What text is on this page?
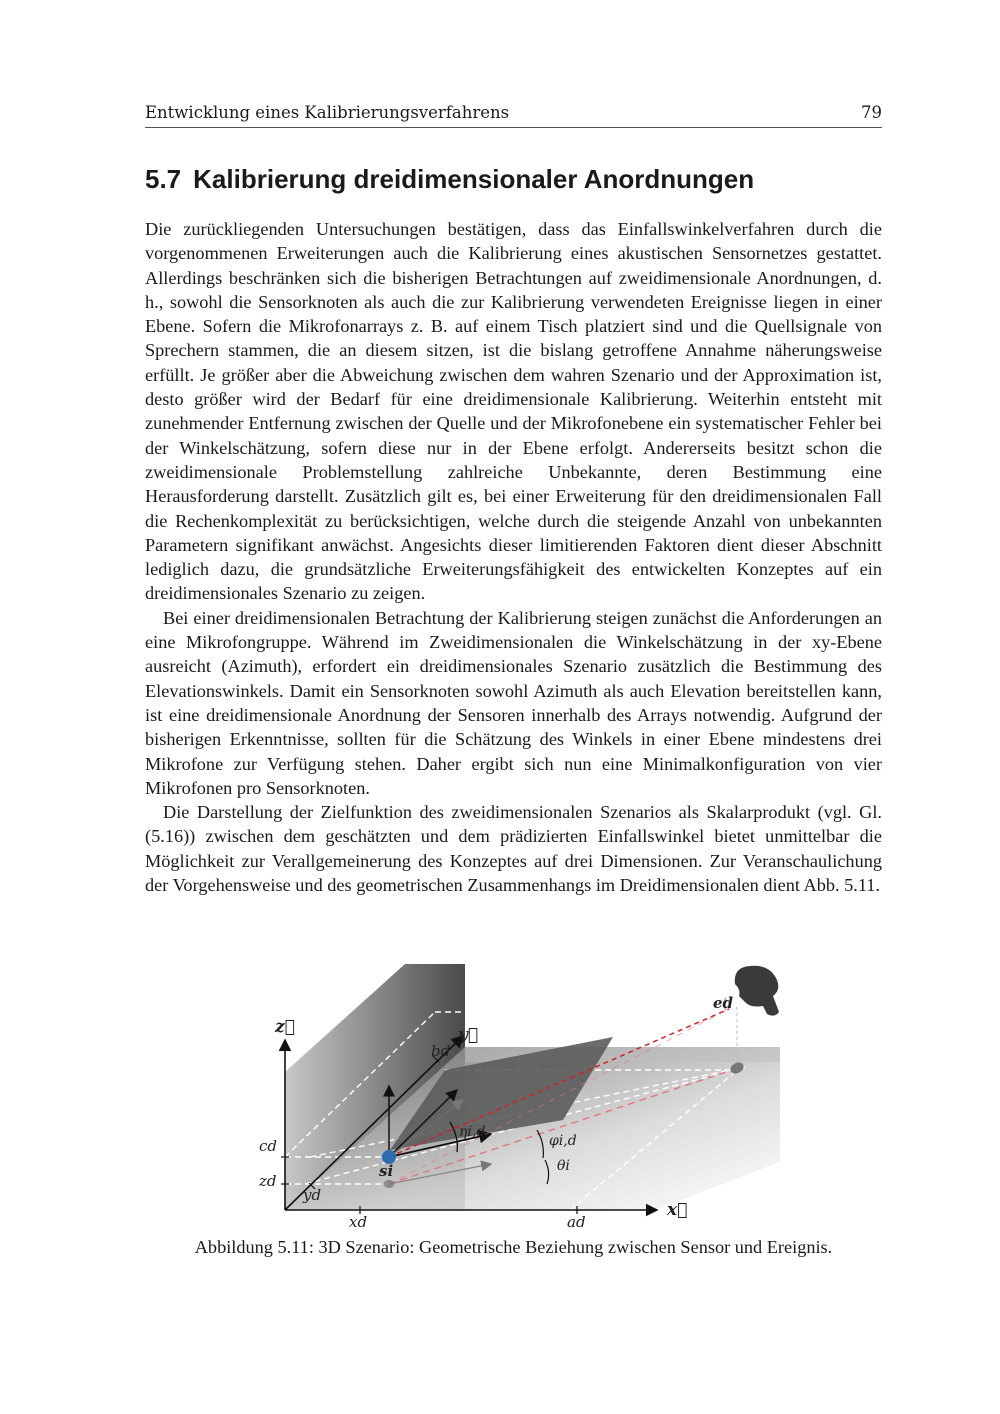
Entwicklung eines Kalibrierungsverfahrens	79
5.7 Kalibrierung dreidimensionaler Anordnungen

Die zurückliegenden Untersuchungen bestätigen, dass das Einfallswinkelverfahren durch die vorgenommenen Erweiterungen auch die Kalibrierung eines akustischen Sensornetzes gestattet. Allerdings beschränken sich die bisherigen Betrachtungen auf zweidimensionale Anordnungen, d. h., sowohl die Sensorknoten als auch die zur Kalibrierung verwendeten Ereignisse liegen in einer Ebene. Sofern die Mikrofonarrays z. B. auf einem Tisch platziert sind und die Quellsignale von Sprechern stammen, die an diesem sitzen, ist die bislang getroffene Annahme näherungsweise erfüllt. Je größer aber die Abweichung zwischen dem wahren Szenario und der Approximation ist, desto größer wird der Bedarf für eine dreidimensionale Kalibrierung. Weiterhin entsteht mit zunehmender Entfernung zwischen der Quelle und der Mikrofonebene ein systematischer Fehler bei der Winkelschätzung, sofern diese nur in der Ebene erfolgt. Andererseits besitzt schon die zweidimensionale Problemstellung zahlreiche Unbekannte, deren Bestimmung eine Herausforderung darstellt. Zusätzlich gilt es, bei einer Erweiterung für den dreidimensionalen Fall die Rechenkomplexität zu berücksichtigen, welche durch die steigende Anzahl von unbekannten Parametern signifikant anwächst. Angesichts dieser limitierenden Faktoren dient dieser Abschnitt lediglich dazu, die grundsätzliche Erweiterungsfähigkeit des entwickelten Konzeptes auf ein dreidimensionales Szenario zu zeigen.

Bei einer dreidimensionalen Betrachtung der Kalibrierung steigen zunächst die Anforderungen an eine Mikrofongruppe. Während im Zweidimensionalen die Winkelschätzung in der xy-Ebene ausreicht (Azimuth), erfordert ein dreidimensionales Szenario zusätzlich die Bestimmung des Elevationswinkels. Damit ein Sensorknoten sowohl Azimuth als auch Elevation bereitstellen kann, ist eine dreidimensionale Anordnung der Sensoren innerhalb des Arrays notwendig. Aufgrund der bisherigen Erkenntnisse, sollten für die Schätzung des Winkels in einer Ebene mindestens drei Mikrofone zur Verfügung stehen. Daher ergibt sich nun eine Minimalkonfiguration von vier Mikrofonen pro Sensorknoten.

Die Darstellung der Zielfunktion des zweidimensionalen Szenarios als Skalarprodukt (vgl. Gl. (5.16)) zwischen dem geschätzten und dem prädizierten Einfallswinkel bietet unmittelbar die Möglichkeit zur Verallgemeinerung des Konzeptes auf drei Dimensionen. Zur Veranschaulichung der Vorgehensweise und des geometrischen Zusammenhangs im Dreidimensionalen dient Abb. 5.11.

z⃗	y⃗
x⃗
bd
cd
zd
yd
xd	ad
ed
si
ηi,d
φi,d
θi
Abbildung 5.11: 3D Szenario: Geometrische Beziehung zwischen Sensor und Ereignis.
